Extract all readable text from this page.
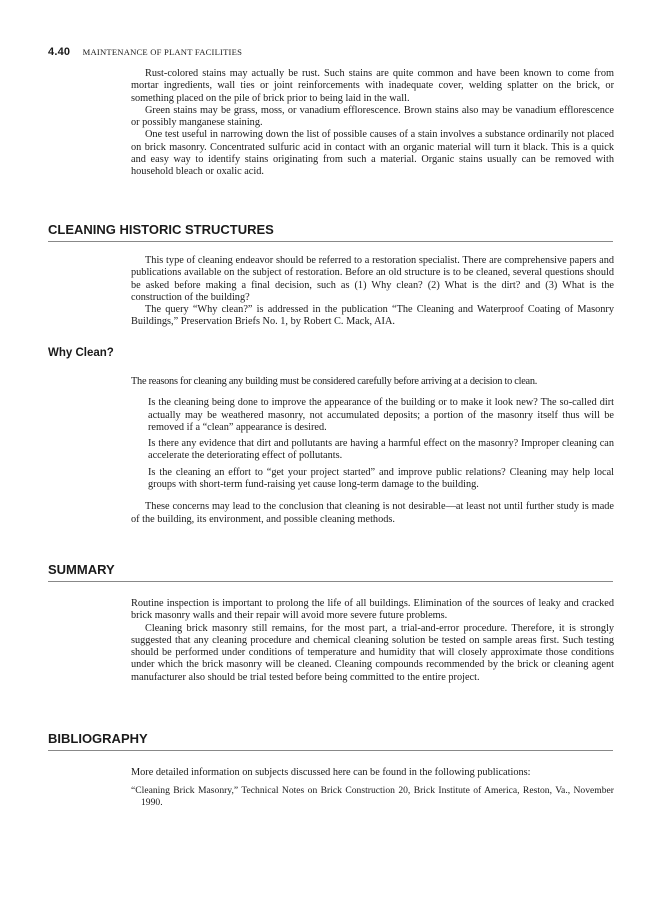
4.40 MAINTENANCE OF PLANT FACILITIES

Rust-colored stains may actually be rust. Such stains are quite common and have been known to come from mortar ingredients, wall ties or joint reinforcements with inadequate cover, welding splatter on the brick, or something placed on the pile of brick prior to being laid in the wall.

Green stains may be grass, moss, or vanadium efflorescence. Brown stains also may be vanadium efflorescence or possibly manganese staining.

One test useful in narrowing down the list of possible causes of a stain involves a substance ordinarily not placed on brick masonry. Concentrated sulfuric acid in contact with an organic material will turn it black. This is a quick and easy way to identify stains originating from such a material. Organic stains usually can be removed with household bleach or oxalic acid.

CLEANING HISTORIC STRUCTURES

This type of cleaning endeavor should be referred to a restoration specialist. There are comprehensive papers and publications available on the subject of restoration. Before an old structure is to be cleaned, several questions should be asked before making a final decision, such as (1) Why clean? (2) What is the dirt? and (3) What is the construction of the building?

The query “Why clean?” is addressed in the publication “The Cleaning and Waterproof Coating of Masonry Buildings,” Preservation Briefs No. 1, by Robert C. Mack, AIA.

Why Clean?

The reasons for cleaning any building must be considered carefully before arriving at a decision to clean.

Is the cleaning being done to improve the appearance of the building or to make it look new? The so-called dirt actually may be weathered masonry, not accumulated deposits; a portion of the masonry itself thus will be removed if a “clean” appearance is desired.
Is there any evidence that dirt and pollutants are having a harmful effect on the masonry? Improper cleaning can accelerate the deteriorating effect of pollutants.
Is the cleaning an effort to “get your project started” and improve public relations? Cleaning may help local groups with short-term fund-raising yet cause long-term damage to the building.

These concerns may lead to the conclusion that cleaning is not desirable—at least not until further study is made of the building, its environment, and possible cleaning methods.

SUMMARY

Routine inspection is important to prolong the life of all buildings. Elimination of the sources of leaky and cracked brick masonry walls and their repair will avoid more severe future problems.

Cleaning brick masonry still remains, for the most part, a trial-and-error procedure. Therefore, it is strongly suggested that any cleaning procedure and chemical cleaning solution be tested on sample areas first. Such testing should be performed under conditions of temperature and humidity that will closely approximate those conditions under which the brick masonry will be cleaned. Cleaning compounds recommended by the brick or cleaning agent manufacturer also should be trial tested before being committed to the entire project.

BIBLIOGRAPHY

More detailed information on subjects discussed here can be found in the following publications:

“Cleaning Brick Masonry,” Technical Notes on Brick Construction 20, Brick Institute of America, Reston, Va., November 1990.
